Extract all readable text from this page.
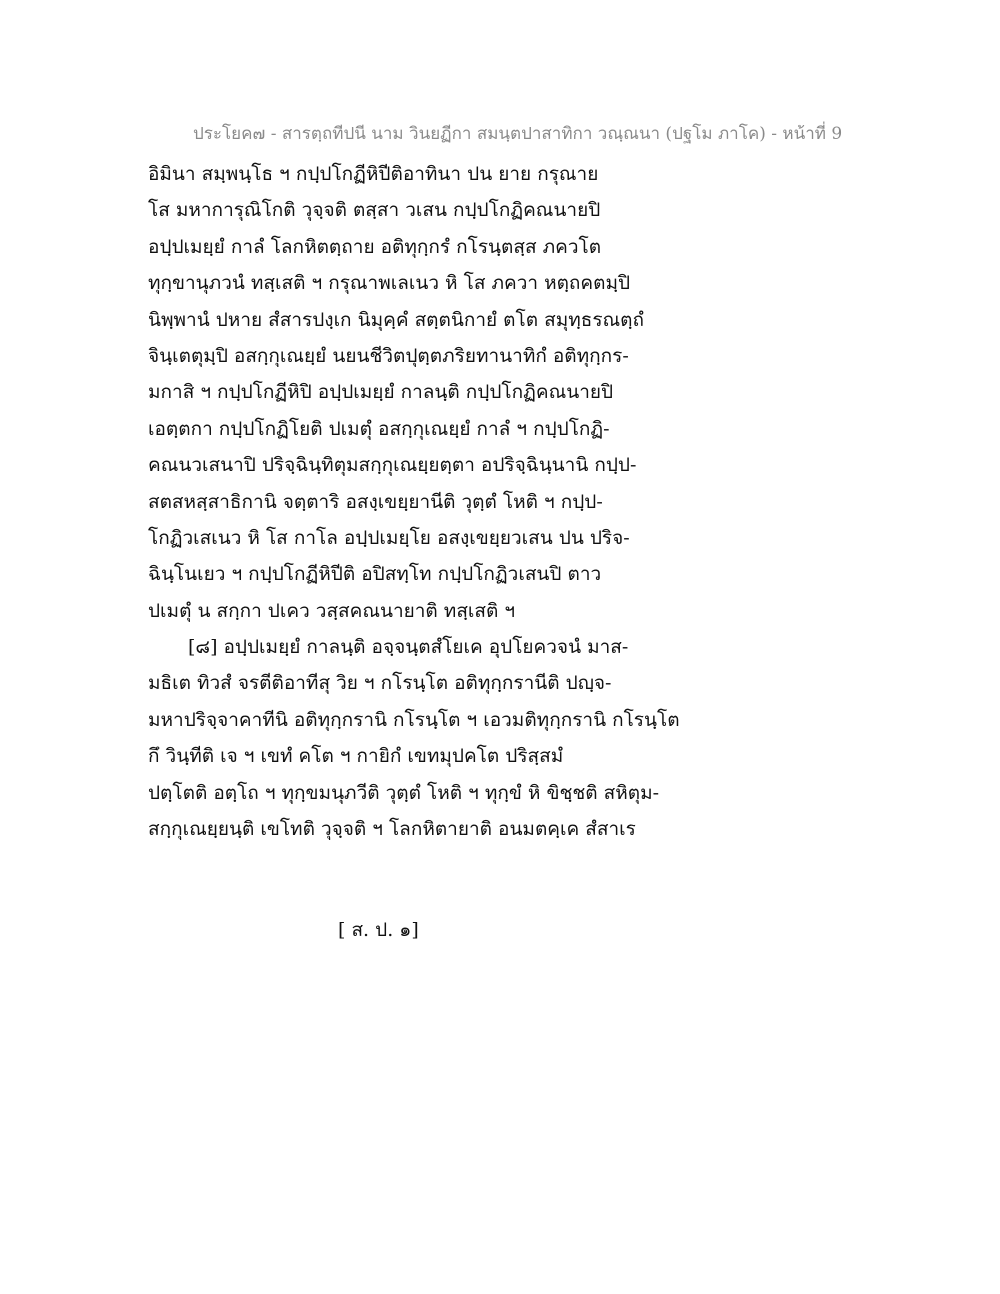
ประโยค๗ - สารตฺถทีปนี นาม วินยฏีกา สมนฺตปาสาทิกา วณฺณนา (ปฐโม ภาโค) - หน้าที่ 9
อิมินา สมฺพนฺโธ ฯ กปฺปโกฏีหิปีติอาทินา ปน ยาย กรุณาย
โส มหาการุณิโกติ วุจฺจติ ตสฺสา วเสน กปฺปโกฏิคณนายปิ
อปฺปเมยฺยํ กาลํ โลกหิตตฺถาย อติทุกฺกรํ กโรนฺตสฺส ภควโต
ทุกฺขานุภวนํ ทสฺเสติ ฯ กรุณาพเลเนว หิ โส ภควา หตฺถคตมฺปิ
นิพฺพานํ ปหาย สํสารปงฺเก นิมุคฺคํ สตฺตนิกายํ ตโต สมุทฺธรณตฺถํ
จินฺเตตุมฺปิ อสกฺกุเณยฺยํ นยนชีวิตปุตฺตภริยทานาทิกํ อติทุกฺกร-
มกาสิ ฯ กปฺปโกฏีหิปิ อปฺปเมยฺยํ กาลนฺติ กปฺปโกฏิคณนายปิ
เอตฺตกา กปฺปโกฏิโยติ ปเมตุํ อสกฺกุเณยฺยํ กาลํ ฯ กปฺปโกฏิ-
คณนวเสนาปิ ปริจฺฉินฺทิตุมสกฺกุเณยฺยตฺตา อปริจฺฉินฺนานิ กปฺป-
สตสหสฺสาธิกานิ จตฺตาริ อสงฺเขยฺยานีติ วุตฺตํ โหติ ฯ กปฺป-
โกฏิวเสเนว หิ โส กาโล อปฺปเมยฺโย อสงฺเขยฺยวเสน ปน ปริจ-
ฉินฺโนเยว ฯ กปฺปโกฏีหิปีติ อปิสทฺโท กปฺปโกฏิวเสนปิ ตาว
ปเมตุํ น สกฺกา ปเคว วสฺสคณนายาติ ทสฺเสติ ฯ
[๘] อปฺปเมยฺยํ กาลนฺติ อจฺจนฺตสํโยเค อุปโยควจนํ มาส-
มธิเต ทิวสํ จรตีติอาทีสุ วิย ฯ กโรนฺโต อติทุกฺกรานีติ ปญฺจ-
มหาปริจฺจาคาทีนิ อติทุกฺกรานิ กโรนฺโต ฯ เอวมติทุกฺกรานิ กโรนฺโต
กึ วินฺทีติ เจ ฯ เขทํ คโต ฯ กายิกํ เขทมุปคโต ปริสฺสมํ
ปตฺโตติ อตฺโถ ฯ ทุกฺขมนุภวีติ วุตฺตํ โหติ ฯ ทุกฺขํ หิ ขิชฺชติ สหิตุม-
สกฺกุเณยฺยนฺติ เขโทติ วุจฺจติ ฯ โลกหิตายาติ อนมตคฺเค สํสาเร
[ ส. ป. ๑]
